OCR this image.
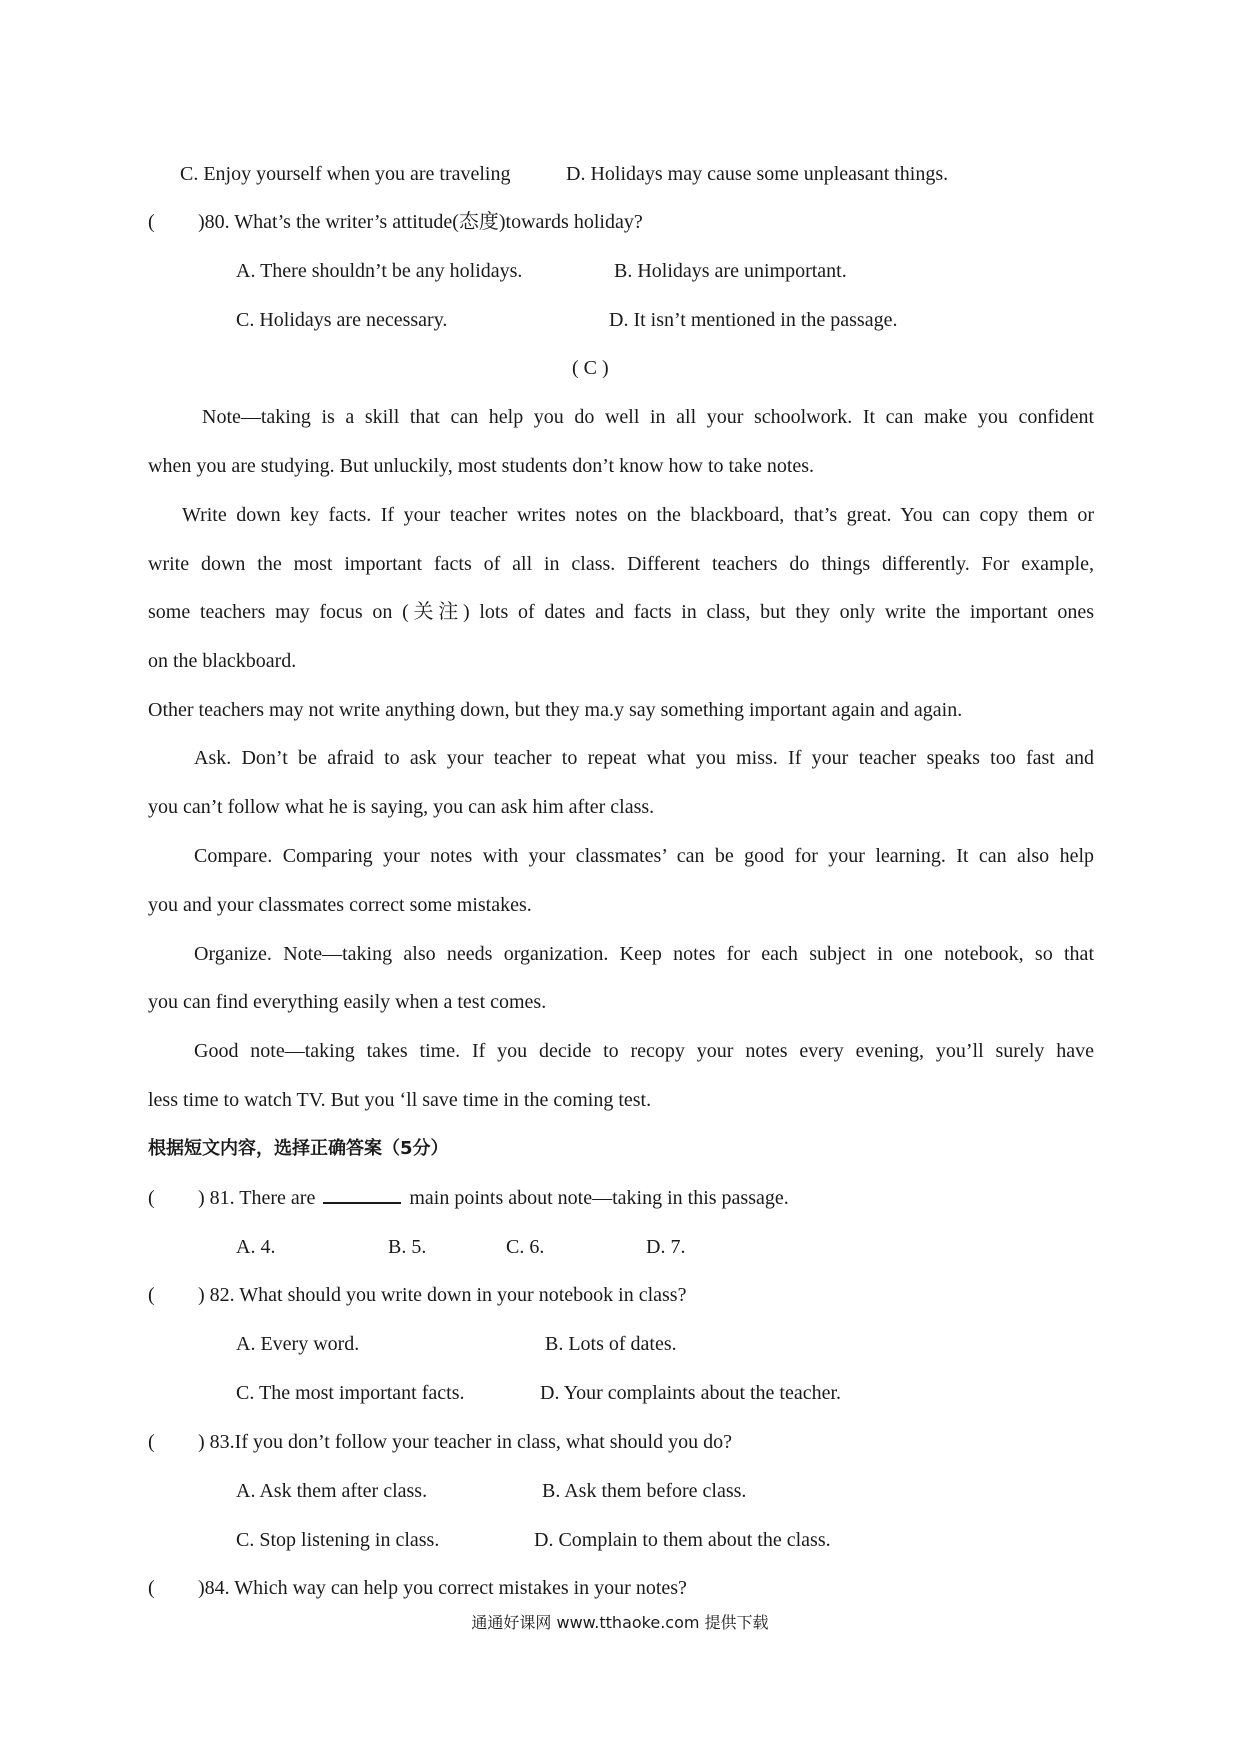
C. Enjoy yourself when you are traveling	D. Holidays may cause some unpleasant things.
( )80. What’s the writer’s attitude(态度)towards holiday?
A. There shouldn’t be any holidays.	B. Holidays are unimportant.
C. Holidays are necessary.	D. It isn’t mentioned in the passage.
( C )
Note—taking is a skill that can help you do well in all your schoolwork. It can make you confident
when you are studying. But unluckily, most students don’t know how to take notes.
Write down key facts. If your teacher writes notes on the blackboard, that’s great. You can copy them or
write down the most important facts of all in class. Different teachers do things differently. For example,
some teachers may focus on (关注) lots of dates and facts in class, but they only write the important ones
on the blackboard.
Other teachers may not write anything down, but they ma.y say something important again and again.
Ask. Don’t be afraid to ask your teacher to repeat what you miss. If your teacher speaks too fast and
you can’t follow what he is saying, you can ask him after class.
Compare. Comparing your notes with your classmates’ can be good for your learning. It can also help
you and your classmates correct some mistakes.
Organize. Note—taking also needs organization. Keep notes for each subject in one notebook, so that
you can find everything easily when a test comes.
Good note—taking takes time. If you decide to recopy your notes every evening, you’ll surely have
less time to watch TV. But you ‘ll save time in the coming test.
根据短文内容，选择正确答案（5分）
( ) 81. There are	main points about note—taking in this passage.
A. 4.	B. 5.	C. 6.	D. 7.
( ) 82. What should you write down in your notebook in class?
A. Every word.	B. Lots of dates.
C. The most important facts.	D. Your complaints about the teacher.
( ) 83.If you don’t follow your teacher in class, what should you do?
A. Ask them after class.	B. Ask them before class.
C. Stop listening in class.	D. Complain to them about the class.
( )84. Which way can help you correct mistakes in your notes?
通通好课网 www.tthaoke.com 提供下载
